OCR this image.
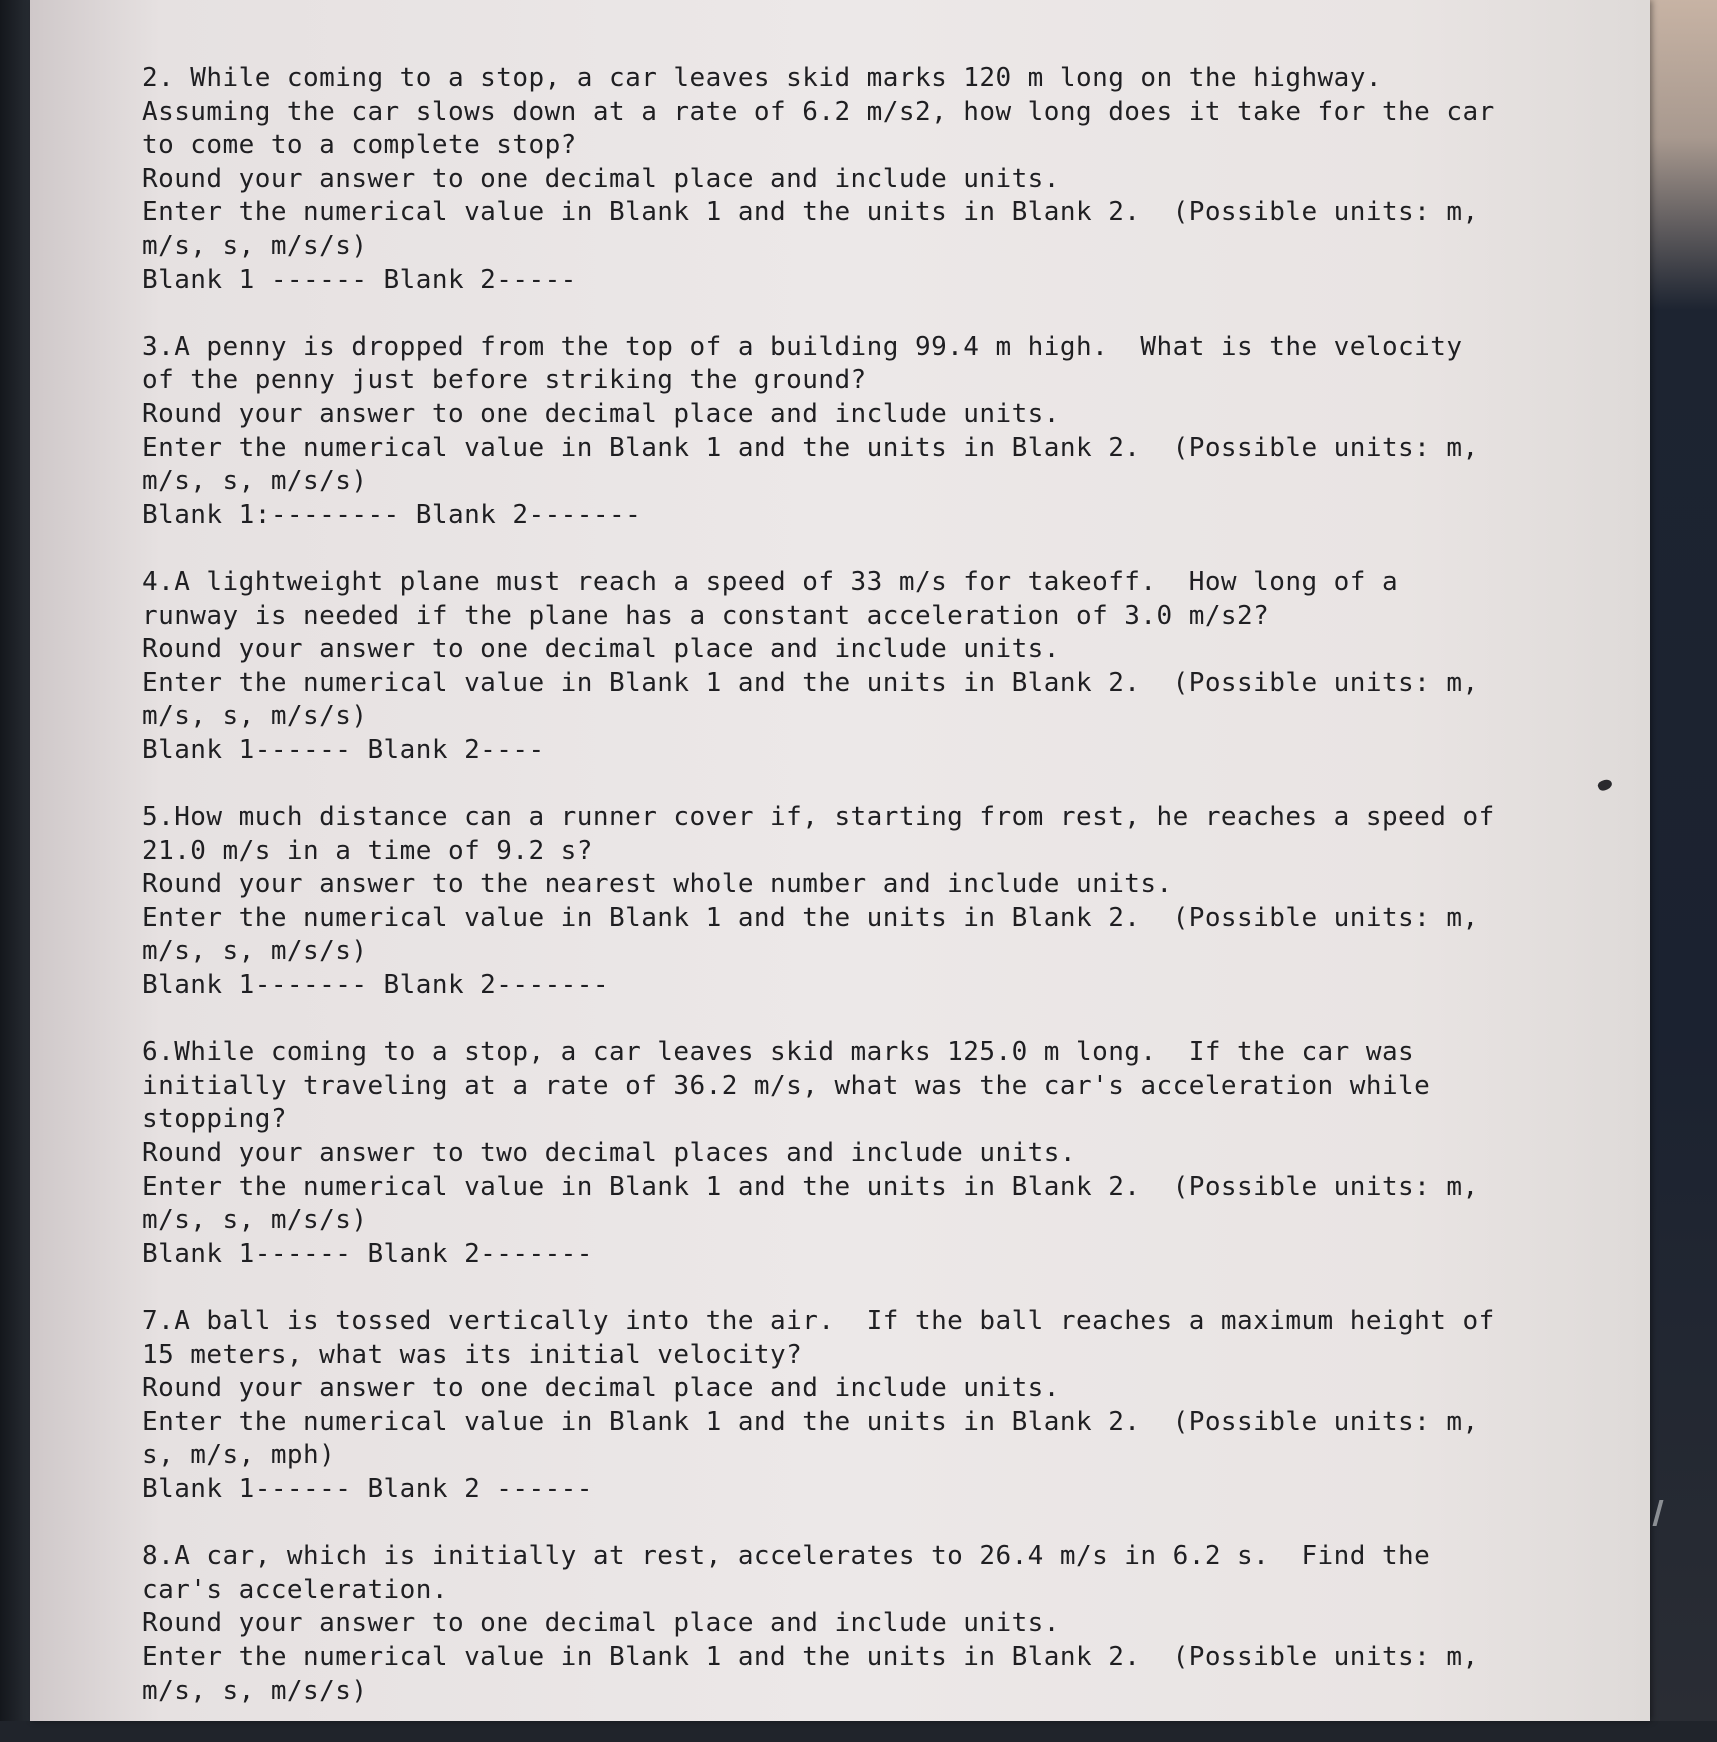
2. While coming to a stop, a car leaves skid marks 120 m long on the highway.
Assuming the car slows down at a rate of 6.2 m/s2, how long does it take for the car
to come to a complete stop?
Round your answer to one decimal place and include units.
Enter the numerical value in Blank 1 and the units in Blank 2.  (Possible units: m,
m/s, s, m/s/s)
Blank 1 ------ Blank 2-----
3.A penny is dropped from the top of a building 99.4 m high.  What is the velocity
of the penny just before striking the ground?
Round your answer to one decimal place and include units.
Enter the numerical value in Blank 1 and the units in Blank 2.  (Possible units: m,
m/s, s, m/s/s)
Blank 1:-------- Blank 2-------
4.A lightweight plane must reach a speed of 33 m/s for takeoff.  How long of a
runway is needed if the plane has a constant acceleration of 3.0 m/s2?
Round your answer to one decimal place and include units.
Enter the numerical value in Blank 1 and the units in Blank 2.  (Possible units: m,
m/s, s, m/s/s)
Blank 1------ Blank 2----
5.How much distance can a runner cover if, starting from rest, he reaches a speed of
21.0 m/s in a time of 9.2 s?
Round your answer to the nearest whole number and include units.
Enter the numerical value in Blank 1 and the units in Blank 2.  (Possible units: m,
m/s, s, m/s/s)
Blank 1------- Blank 2-------
6.While coming to a stop, a car leaves skid marks 125.0 m long.  If the car was
initially traveling at a rate of 36.2 m/s, what was the car's acceleration while
stopping?
Round your answer to two decimal places and include units.
Enter the numerical value in Blank 1 and the units in Blank 2.  (Possible units: m,
m/s, s, m/s/s)
Blank 1------ Blank 2-------
7.A ball is tossed vertically into the air.  If the ball reaches a maximum height of
15 meters, what was its initial velocity?
Round your answer to one decimal place and include units.
Enter the numerical value in Blank 1 and the units in Blank 2.  (Possible units: m,
s, m/s, mph)
Blank 1------ Blank 2 ------
8.A car, which is initially at rest, accelerates to 26.4 m/s in 6.2 s.  Find the
car's acceleration.
Round your answer to one decimal place and include units.
Enter the numerical value in Blank 1 and the units in Blank 2.  (Possible units: m,
m/s, s, m/s/s)
